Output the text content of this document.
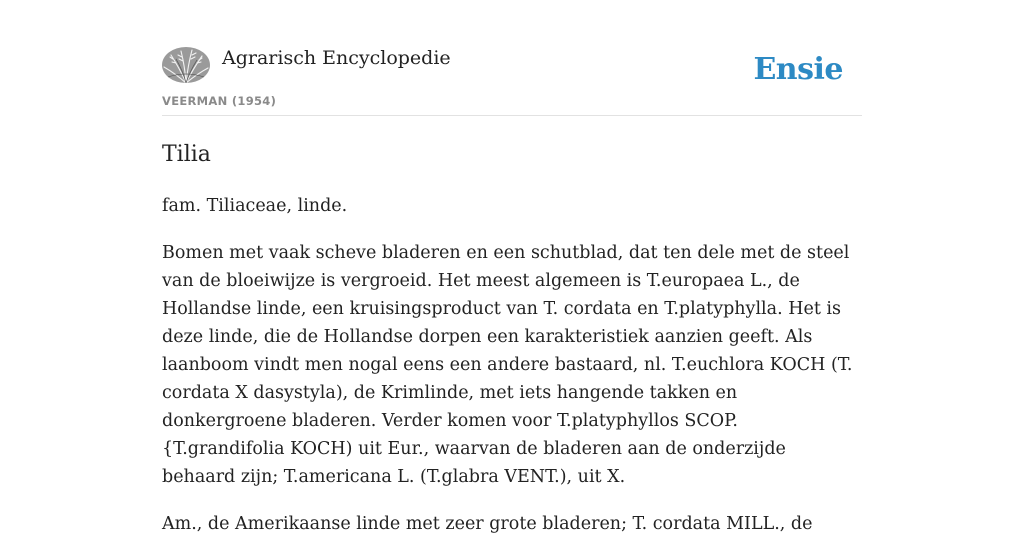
Agrarisch Encyclopedie
VEERMAN (1954)
Ensie
Tilia

fam. Tiliaceae, linde.

Bomen met vaak scheve bladeren en een schutblad, dat ten dele met de steel van de bloeiwijze is vergroeid. Het meest algemeen is T.europaea L., de Hollandse linde, een kruisingsproduct van T. cordata en T.platyphylla. Het is deze linde, die de Hollandse dorpen een karakteristiek aanzien geeft. Als laanboom vindt men nogal eens een andere bastaard, nl. T.euchlora KOCH (T. cordata X dasystyla), de Krimlinde, met iets hangende takken en donkergroene bladeren. Verder komen voor T.platyphyllos SCOP. {T.grandifolia KOCH) uit Eur., waarvan de bladeren aan de onderzijde behaard zijn; T.americana L. (T.glabra VENT.), uit X.

Am., de Amerikaanse linde met zeer grote bladeren; T. cordata MILL., de
